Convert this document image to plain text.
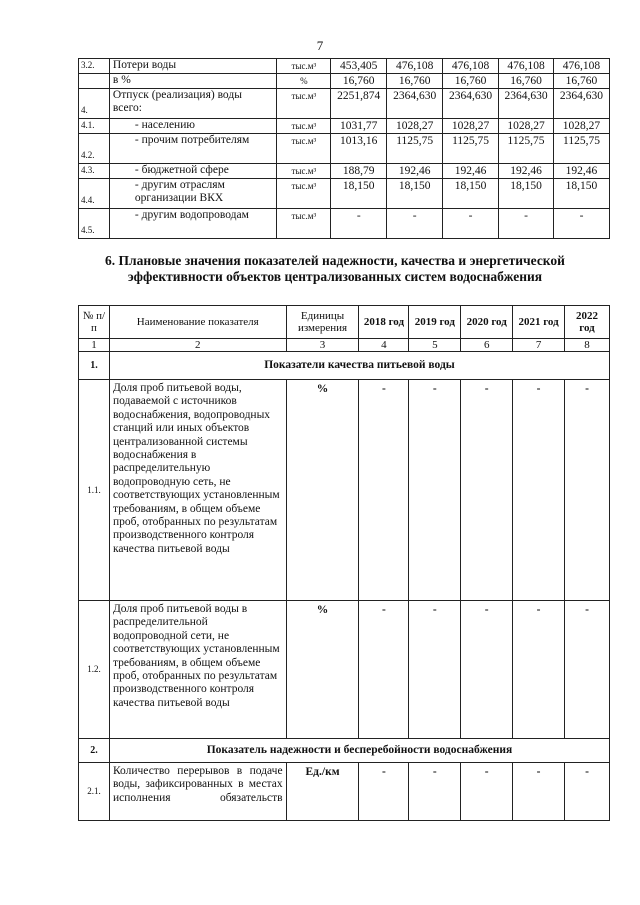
7
3.2.	Потери воды	тыс.м³	453,405	476,108	476,108	476,108	476,108
	в %	%	16,760	16,760	16,760	16,760	16,760
4.	Отпуск (реализация) воды всего:	тыс.м³	2251,874	2364,630	2364,630	2364,630	2364,630
4.1.	- населению	тыс.м³	1031,77	1028,27	1028,27	1028,27	1028,27
4.2.	- прочим потребителям	тыс.м³	1013,16	1125,75	1125,75	1125,75	1125,75
4.3.	- бюджетной сфере	тыс.м³	188,79	192,46	192,46	192,46	192,46
4.4.	- другим отраслям организации ВКХ	тыс.м³	18,150	18,150	18,150	18,150	18,150
4.5.	- другим водопроводам	тыс.м³	-	-	-	-	-
6. Плановые значения показателей надежности, качества и энергетической эффективности объектов централизованных систем водоснабжения
№ п/п	Наименование показателя	Единицы измерения	2018 год	2019 год	2020 год	2021 год	2022 год
1	2	3	4	5	6	7	8
1.	Показатели качества питьевой воды						
1.1.	Доля проб питьевой воды, подаваемой с источников водоснабжения, водопроводных станций или иных объектов централизованной системы водоснабжения в распределительную водопроводную сеть, не соответствующих установленным требованиям, в общем объеме проб, отобранных по результатам производственного контроля качества питьевой воды	%	-	-	-	-	-
1.2.	Доля проб питьевой воды в распределительной водопроводной сети, не соответствующих установленным требованиям, в общем объеме проб, отобранных по результатам производственного контроля качества питьевой воды	%	-	-	-	-	-
2.	Показатель надежности и бесперебойности водоснабжения						
2.1.	Количество перерывов в подаче воды, зафиксированных в местах исполнения обязательств	Ед./км	-	-	-	-	-
